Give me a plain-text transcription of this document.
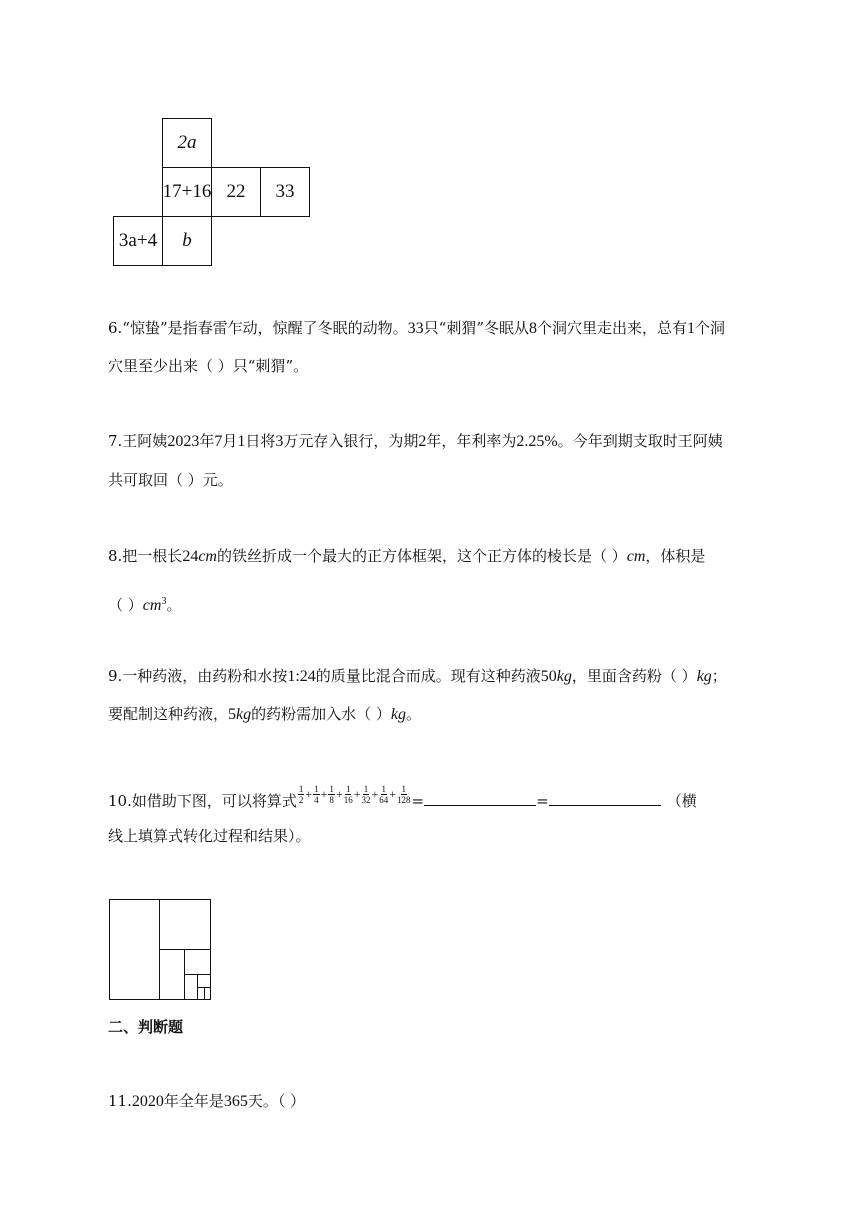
2a
17+16 22 33
3a+4 b
6.“惊蛰”是指春雷乍动，惊醒了冬眠的动物。33只“刺猬”冬眠从8个洞穴里走出来，总有1个洞
穴里至少出来（ ）只“刺猬”。
7.王阿姨2023年7月1日将3万元存入银行，为期2年，年利率为2.25%。今年到期支取时王阿姨
共可取回（ ）元。
8.把一根长24cm的铁丝折成一个最大的正方体框架，这个正方体的棱长是（ ）cm，体积是
（ ）$cm^3$。
9.一种药液，由药粉和水按1:24的质量比混合而成。现有这种药液50kg，里面含药粉（ ）kg；
要配制这种药液，5kg的药粉需加入水（ ）kg。
10.如借助下图，可以将算式 $\frac{1}{2} ^+ \frac{1}{4} ^+ \frac{1}{8} ^+ \frac{1}{16} ^+ \frac{1}{32} ^+ \frac{1}{64} ^+ \frac{1}{128}$ =	=	（横
线上填算式转化过程和结果）。
二、判断题
11.2020年全年是365天。（ ）
